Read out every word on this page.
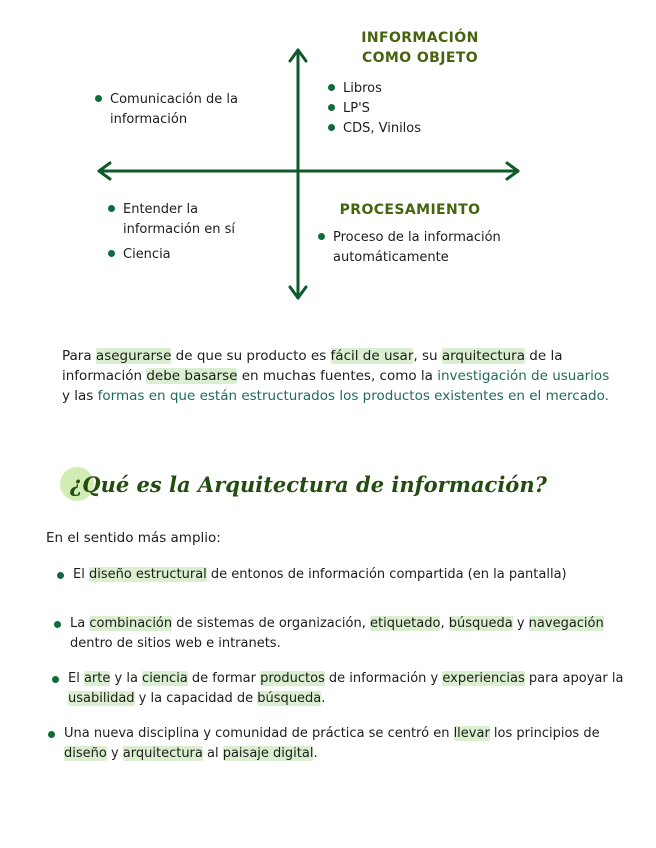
INFORMACIÓN
COMO OBJETO
Libros
LP'S
CDS, Vinilos
Comunicación de la
información
Entender la
información en sí
Ciencia
PROCESAMIENTO
Proceso de la información
automáticamente
Para asegurarse de que su producto es fácil de usar, su arquitectura de la información debe basarse en muchas fuentes, como la investigación de usuarios y las formas en que están estructurados los productos existentes en el mercado.
¿Qué es la Arquitectura de información?
En el sentido más amplio:
El diseño estructural de entonos de información compartida (en la pantalla)
La combinación de sistemas de organización, etiquetado, búsqueda y navegación dentro de sitios web e intranets.
El arte y la ciencia de formar productos de información y experiencias para apoyar la usabilidad y la capacidad de búsqueda.
Una nueva disciplina y comunidad de práctica se centró en llevar los principios de diseño y arquitectura al paisaje digital.
